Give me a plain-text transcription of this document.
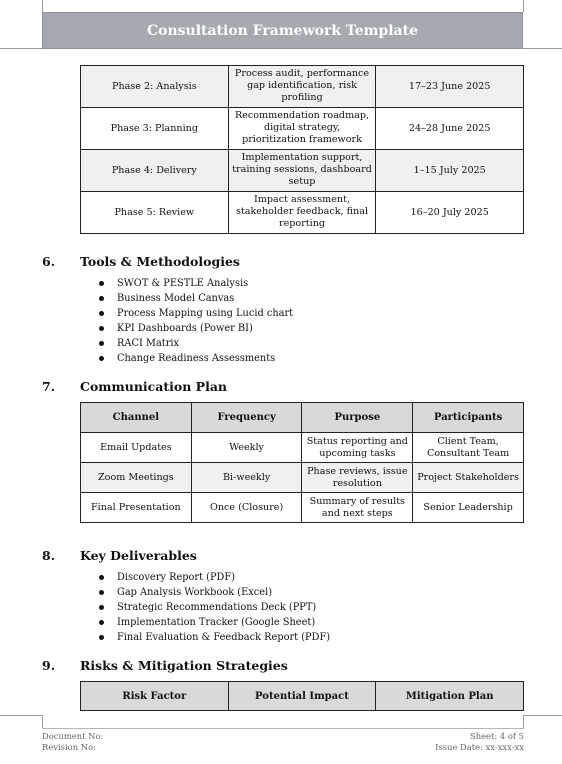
Consultation Framework Template
Phase 2: Analysis	Process audit, performance gap identification, risk profiling	17–23 June 2025
Phase 3: Planning	Recommendation roadmap, digital strategy, prioritization framework	24–28 June 2025
Phase 4: Delivery	Implementation support, training sessions, dashboard setup	1–15 July 2025
Phase 5: Review	Impact assessment, stakeholder feedback, final reporting	16–20 July 2025
6. Tools & Methodologies
SWOT & PESTLE Analysis
Business Model Canvas
Process Mapping using Lucid chart
KPI Dashboards (Power BI)
RACI Matrix
Change Readiness Assessments
7. Communication Plan
Channel	Frequency	Purpose	Participants
Email Updates	Weekly	Status reporting and upcoming tasks	Client Team, Consultant Team
Zoom Meetings	Bi-weekly	Phase reviews, issue resolution	Project Stakeholders
Final Presentation	Once (Closure)	Summary of results and next steps	Senior Leadership
8. Key Deliverables
Discovery Report (PDF)
Gap Analysis Workbook (Excel)
Strategic Recommendations Deck (PPT)
Implementation Tracker (Google Sheet)
Final Evaluation & Feedback Report (PDF)
9. Risks & Mitigation Strategies
Risk Factor	Potential Impact	Mitigation Plan
Document No:
Revision No:
Sheet: 4 of 5
Issue Date: xx-xxx-xx
